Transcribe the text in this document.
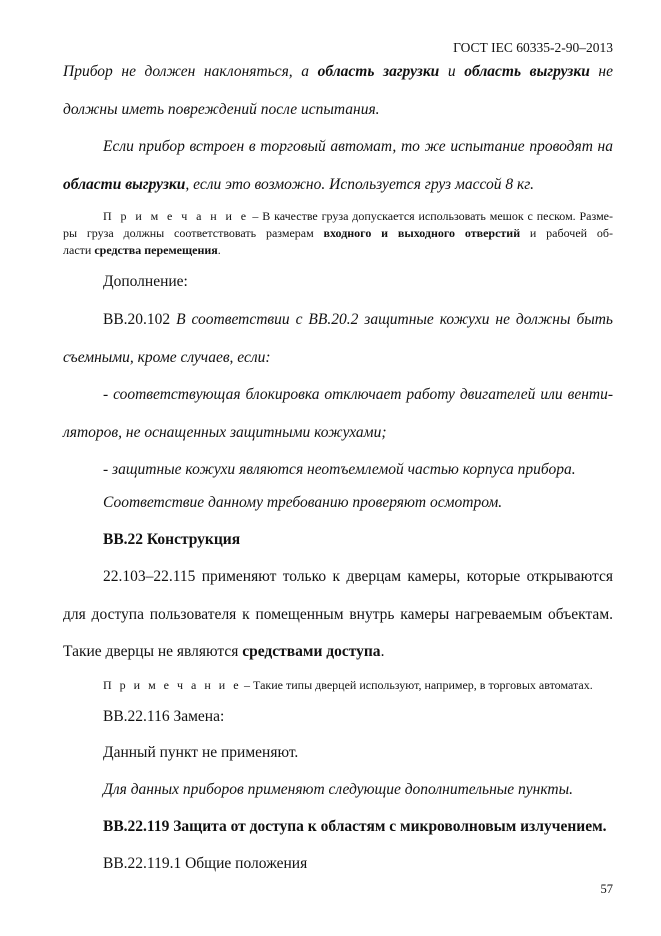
ГОСТ IEC 60335-2-90–2013
Прибор не должен наклоняться, а область загрузки и область выгрузки не
должны иметь повреждений после испытания.
Если прибор встроен в торговый автомат, то же испытание проводят на
области выгрузки, если это возможно. Используется груз массой 8 кг.
П р и м е ч а н и е – В качестве груза допускается использовать мешок с песком. Разме-
ры груза должны соответствовать размерам входного и выходного отверстий и рабочей об-
ласти средства перемещения.
Дополнение:
ВВ.20.102 В соответствии с ВВ.20.2 защитные кожухи не должны быть
съемными, кроме случаев, если:
- соответствующая блокировка отключает работу двигателей или венти-
ляторов, не оснащенных защитными кожухами;
- защитные кожухи являются неотъемлемой частью корпуса прибора.
Соответствие данному требованию проверяют осмотром.
ВВ.22 Конструкция
22.103–22.115 применяют только к дверцам камеры, которые открываются
для доступа пользователя к помещенным внутрь камеры нагреваемым объектам.
Такие дверцы не являются средствами доступа.
П р и м е ч а н и е – Такие типы дверцей используют, например, в торговых автоматах.
ВВ.22.116 Замена:
Данный пункт не применяют.
Для данных приборов применяют следующие дополнительные пункты.
ВВ.22.119 Защита от доступа к областям с микроволновым излучением.
ВВ.22.119.1 Общие положения
57
